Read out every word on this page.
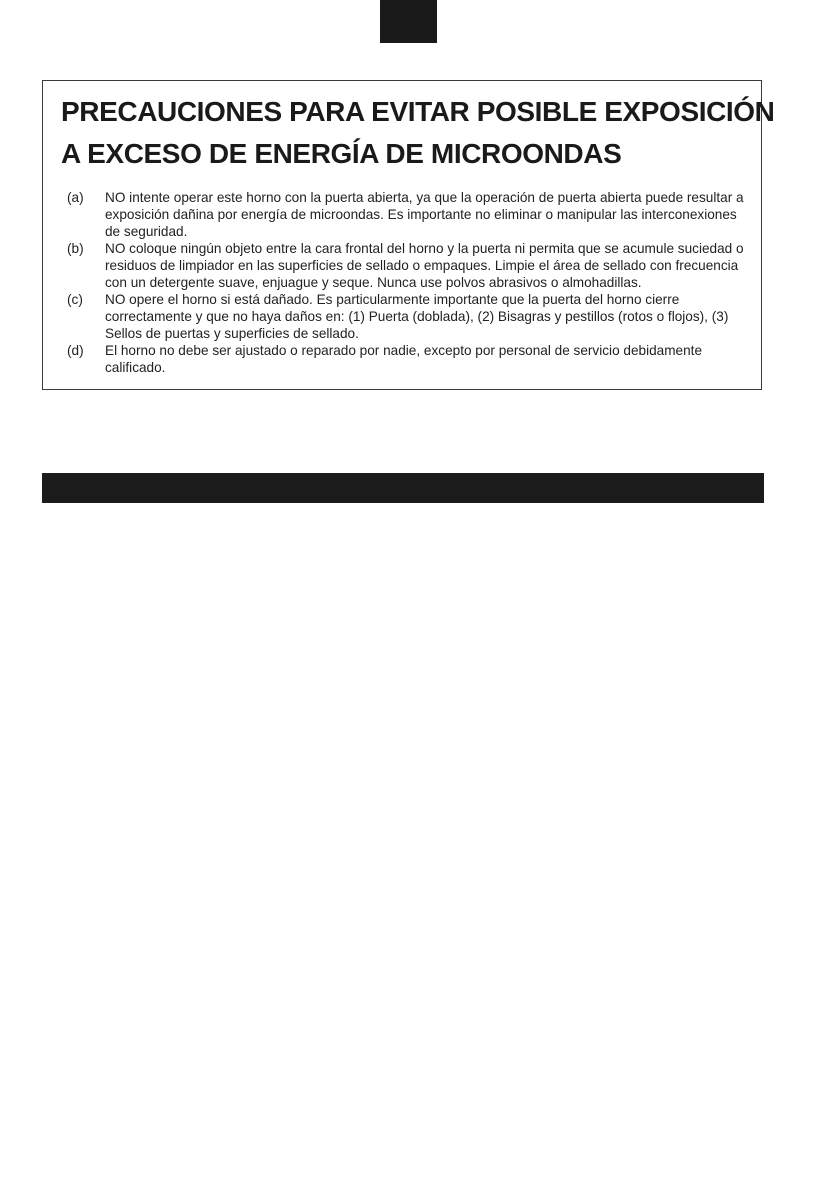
PRECAUCIONES PARA EVITAR POSIBLE EXPOSICIÓN
A EXCESO DE ENERGÍA DE MICROONDAS
(a)	NO intente operar este horno con la puerta abierta, ya que la operación de puerta abierta puede resultar a exposición dañina por energía de microondas. Es importante no eliminar o manipular las interconexiones de seguridad.
(b)	NO coloque ningún objeto entre la cara frontal del horno y la puerta ni permita que se acumule suciedad o residuos de limpiador en las superficies de sellado o empaques. Limpie el área de sellado con frecuencia con un detergente suave, enjuague y seque. Nunca use polvos abrasivos o almohadillas.
(c)	NO opere el horno si está dañado. Es particularmente importante que la puerta del horno cierre correctamente y que no haya daños en: (1) Puerta (doblada), (2) Bisagras y pestillos (rotos o flojos), (3) Sellos de puertas y superficies de sellado.
(d)	El horno no debe ser ajustado o reparado por nadie, excepto por personal de servicio debidamente calificado.
